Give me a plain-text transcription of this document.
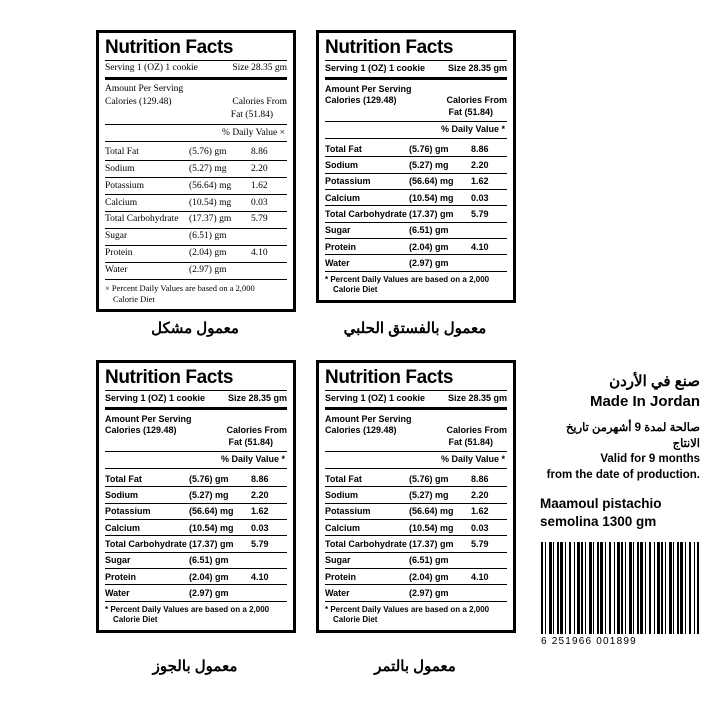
Nutrition Facts
Serving 1 (OZ) 1 cookie	Size 28.35 gm
Amount Per Serving
Calories (129.48)	Calories From
Fat (51.84)
% Daily Value ×
Total Fat	(5.76) gm	8.86
Sodium	(5.27) mg	2.20
Potassium	(56.64) mg	1.62
Calcium	(10.54) mg	0.03
Total Carbohydrate	(17.37) gm	5.79
Sugar	(6.51) gm
Protein	(2.04) gm	4.10
Water	(2.97) gm
× Percent Daily Values are based on a 2,000
Calorie Diet
معمول مشكل
Nutrition Facts
Serving 1 (OZ) 1 cookie	Size 28.35 gm
Amount Per Serving
Calories (129.48)	Calories From
Fat (51.84)
% Daily Value *
Total Fat	(5.76) gm	8.86
Sodium	(5.27) mg	2.20
Potassium	(56.64) mg	1.62
Calcium	(10.54) mg	0.03
Total Carbohydrate (17.37) gm	5.79
Sugar	(6.51) gm
Protein	(2.04) gm	4.10
Water	(2.97) gm
* Percent Daily Values are based on a 2,000
Calorie Diet
معمول بالفستق الحلبي
Nutrition Facts
Serving 1 (OZ) 1 cookie	Size 28.35 gm
Amount Per Serving
Calories (129.48)	Calories From
Fat (51.84)
% Daily Value *
Total Fat	(5.76) gm	8.86
Sodium	(5.27) mg	2.20
Potassium	(56.64) mg	1.62
Calcium	(10.54) mg	0.03
Total Carbohydrate (17.37) gm	5.79
Sugar	(6.51) gm
Protein	(2.04) gm	4.10
Water	(2.97) gm
* Percent Daily Values are based on a 2,000
Calorie Diet
معمول بالجوز
Nutrition Facts
Serving 1 (OZ) 1 cookie	Size 28.35 gm
Amount Per Serving
Calories (129.48)	Calories From
Fat (51.84)
% Daily Value *
Total Fat	(5.76) gm	8.86
Sodium	(5.27) mg	2.20
Potassium	(56.64) mg	1.62
Calcium	(10.54) mg	0.03
Total Carbohydrate (17.37) gm	5.79
Sugar	(6.51) gm
Protein	(2.04) gm	4.10
Water	(2.97) gm
* Percent Daily Values are based on a 2,000
Calorie Diet
معمول بالتمر
صنع في الأردن
Made In Jordan
صالحة لمدة 9 أشهرمن تاريخ الانتاج
Valid for 9 months
from the date of production.
Maamoul pistachio
semolina 1300 gm
6 251966 001899
